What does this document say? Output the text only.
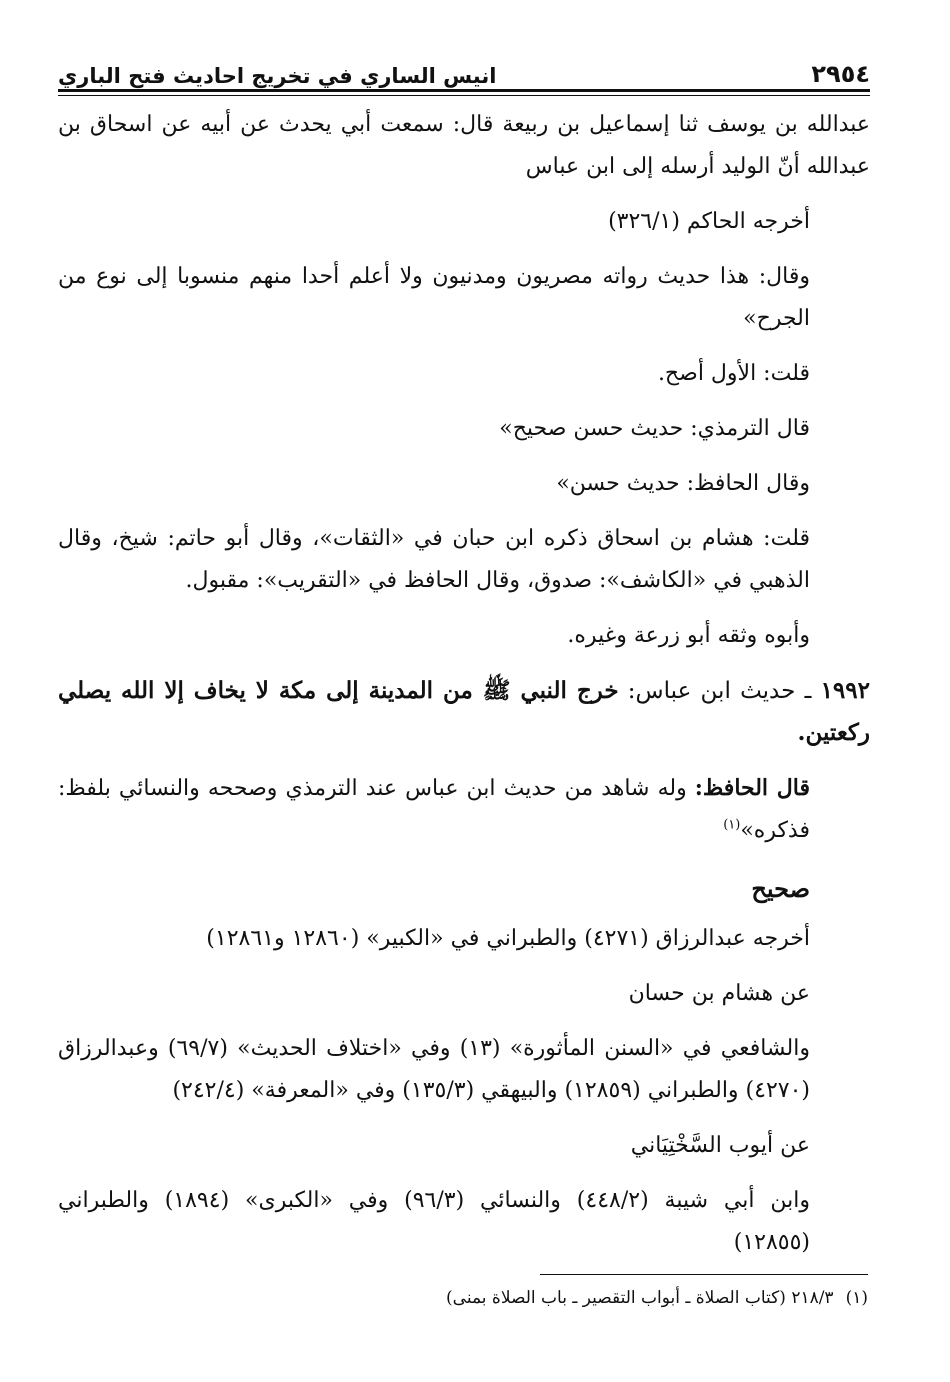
٢٩٥٤
انيس الساري في تخريج احاديث فتح الباري

عبدالله بن يوسف ثنا إسماعيل بن ربيعة قال: سمعت أبي يحدث عن أبيه عن اسحاق بن عبدالله أنّ الوليد أرسله إلى ابن عباس

أخرجه الحاكم (٣٢٦/١)

وقال: هذا حديث رواته مصريون ومدنيون ولا أعلم أحدا منهم منسوبا إلى نوع من الجرح»

قلت: الأول أصح.

قال الترمذي: حديث حسن صحيح»

وقال الحافظ: حديث حسن»

قلت: هشام بن اسحاق ذكره ابن حبان في «الثقات»، وقال أبو حاتم: شيخ، وقال الذهبي في «الكاشف»: صدوق، وقال الحافظ في «التقريب»: مقبول.

وأبوه وثقه أبو زرعة وغيره.

١٩٩٢ ـ حديث ابن عباس: خرج النبي ﷺ من المدينة إلى مكة لا يخاف إلا الله يصلي ركعتين.

قال الحافظ: وله شاهد من حديث ابن عباس عند الترمذي وصححه والنسائي بلفظ: فذكره»$^{(١)}$

صحيح

أخرجه عبدالرزاق (٤٢٧١) والطبراني في «الكبير» (١٢٨٦٠ و١٢٨٦١)

عن هشام بن حسان

والشافعي في «السنن المأثورة» (١٣) وفي «اختلاف الحديث» (٦٩/٧) وعبدالرزاق (٤٢٧٠) والطبراني (١٢٨٥٩) والبيهقي (١٣٥/٣) وفي «المعرفة» (٢٤٢/٤)

عن أيوب السَّخْتِيَاني

وابن أبي شيبة (٤٤٨/٢) والنسائي (٩٦/٣) وفي «الكبرى» (١٨٩٤) والطبراني (١٢٨٥٥)

(١)٢١٨/٣ (كتاب الصلاة ـ أبواب التقصير ـ باب الصلاة بمنى)
